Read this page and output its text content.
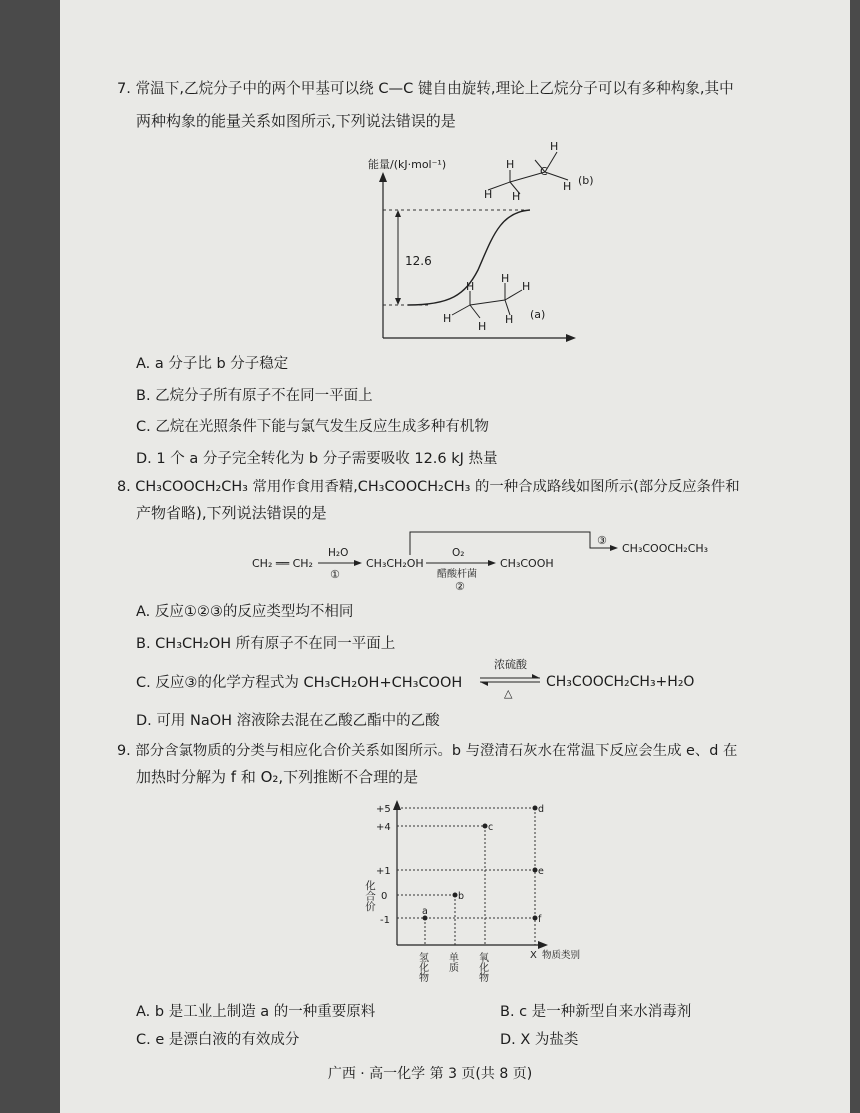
7. 常温下,乙烷分子中的两个甲基可以绕 C—C 键自由旋转,理论上乙烷分子可以有多种构象,其中
两种构象的能量关系如图所示,下列说法错误的是
能量/(kJ·mol⁻¹)
12.6
H
H H
H
H
C
(b)
H
H
H
H
H
H (a)
A. a 分子比 b 分子稳定
B. 乙烷分子所有原子不在同一平面上
C. 乙烷在光照条件下能与氯气发生反应生成多种有机物
D. 1 个 a 分子完全转化为 b 分子需要吸收 12.6 kJ 热量
8. CH₃COOCH₂CH₃ 常用作食用香精,CH₃COOCH₂CH₃ 的一种合成路线如图所示(部分反应条件和
产物省略),下列说法错误的是
CH₂ ══ CH₂
H₂O
①
CH₃CH₂OH
O₂
醋酸杆菌
②
CH₃COOH
③
CH₃COOCH₂CH₃
A. 反应①②③的反应类型均不相同
B. CH₃CH₂OH 所有原子不在同一平面上
C. 反应③的化学方程式为 CH₃CH₂OH+CH₃COOH
浓硫酸
△
CH₃COOCH₂CH₃+H₂O
D. 可用 NaOH 溶液除去混在乙酸乙酯中的乙酸
9. 部分含氯物质的分类与相应化合价关系如图所示。b 与澄清石灰水在常温下反应会生成 e、d 在
加热时分解为 f 和 O₂,下列推断不合理的是
化合价
+5
+4
+1
0
-1
a
b
c
d
e
f
氢化物 单质 氧化物	X 物质类别
A. b 是工业上制造 a 的一种重要原料	B. c 是一种新型自来水消毒剂
C. e 是漂白液的有效成分	D. X 为盐类
广西 · 高一化学 第 3 页(共 8 页)
